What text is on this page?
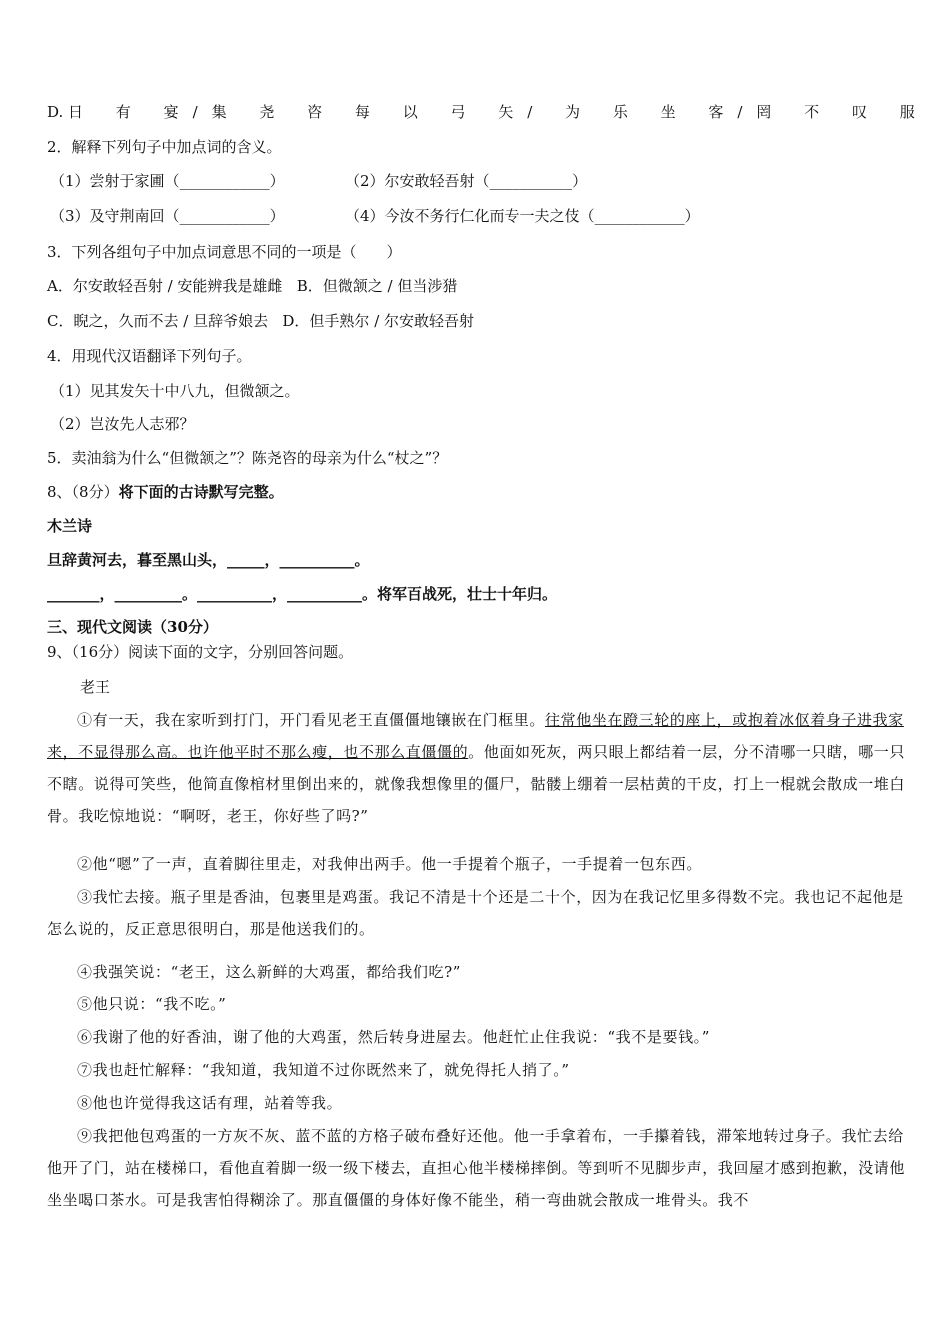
D. 日 有 宴/集 尧 咨 每 以 弓 矢/ 为 乐 坐 客/罔 不 叹 服

2．解释下列句子中加点词的含义。

（1）尝射于家圃（____________）	（2）尔安敢轻吾射（___________）

（3）及守荆南回（____________）	（4）今汝不务行仁化而专一夫之伎（____________）

3．下列各组句子中加点词意思不同的一项是（　　）

A．尔安敢轻吾射 / 安能辨我是雄雌 B．但微颔之 / 但当涉猎

C．睨之，久而不去 / 旦辞爷娘去 D．但手熟尔 / 尔安敢轻吾射

4．用现代汉语翻译下列句子。

（1）见其发矢十中八九，但微颔之。

（2）岂汝先人志邪？

5．卖油翁为什么“但微颔之”？陈尧咨的母亲为什么“杖之”？

8、（8分）将下面的古诗默写完整。

木兰诗

旦辞黄河去，暮至黑山头，_____，__________。

_______，_________。__________，__________。将军百战死，壮士十年归。

三、现代文阅读（30分）

9、（16分）阅读下面的文字，分别回答问题。

老王

①有一天，我在家听到打门，开门看见老王直僵僵地镶嵌在门框里。往常他坐在蹬三轮的座上，或抱着冰伛着身子进我家来，不显得那么高。也许他平时不那么瘦，也不那么直僵僵的。他面如死灰，两只眼上都结着一层，分不清哪一只瞎，哪一只不瞎。说得可笑些，他简直像棺材里倒出来的，就像我想像里的僵尸，骷髅上绷着一层枯黄的干皮，打上一棍就会散成一堆白骨。我吃惊地说：“啊呀，老王，你好些了吗?”

②他“嗯”了一声，直着脚往里走，对我伸出两手。他一手提着个瓶子，一手提着一包东西。

③我忙去接。瓶子里是香油，包裹里是鸡蛋。我记不清是十个还是二十个，因为在我记忆里多得数不完。我也记不起他是怎么说的，反正意思很明白，那是他送我们的。

④我强笑说：“老王，这么新鲜的大鸡蛋，都给我们吃?”

⑤他只说：“我不吃。”

⑥我谢了他的好香油，谢了他的大鸡蛋，然后转身进屋去。他赶忙止住我说：“我不是要钱。”

⑦我也赶忙解释：“我知道，我知道不过你既然来了，就免得托人捎了。”

⑧他也许觉得我这话有理，站着等我。

⑨我把他包鸡蛋的一方灰不灰、蓝不蓝的方格子破布叠好还他。他一手拿着布，一手攥着钱，滞笨地转过身子。我忙去给他开了门，站在楼梯口，看他直着脚一级一级下楼去，直担心他半楼梯摔倒。等到听不见脚步声，我回屋才感到抱歉，没请他坐坐喝口茶水。可是我害怕得糊涂了。那直僵僵的身体好像不能坐，稍一弯曲就会散成一堆骨头。我不
